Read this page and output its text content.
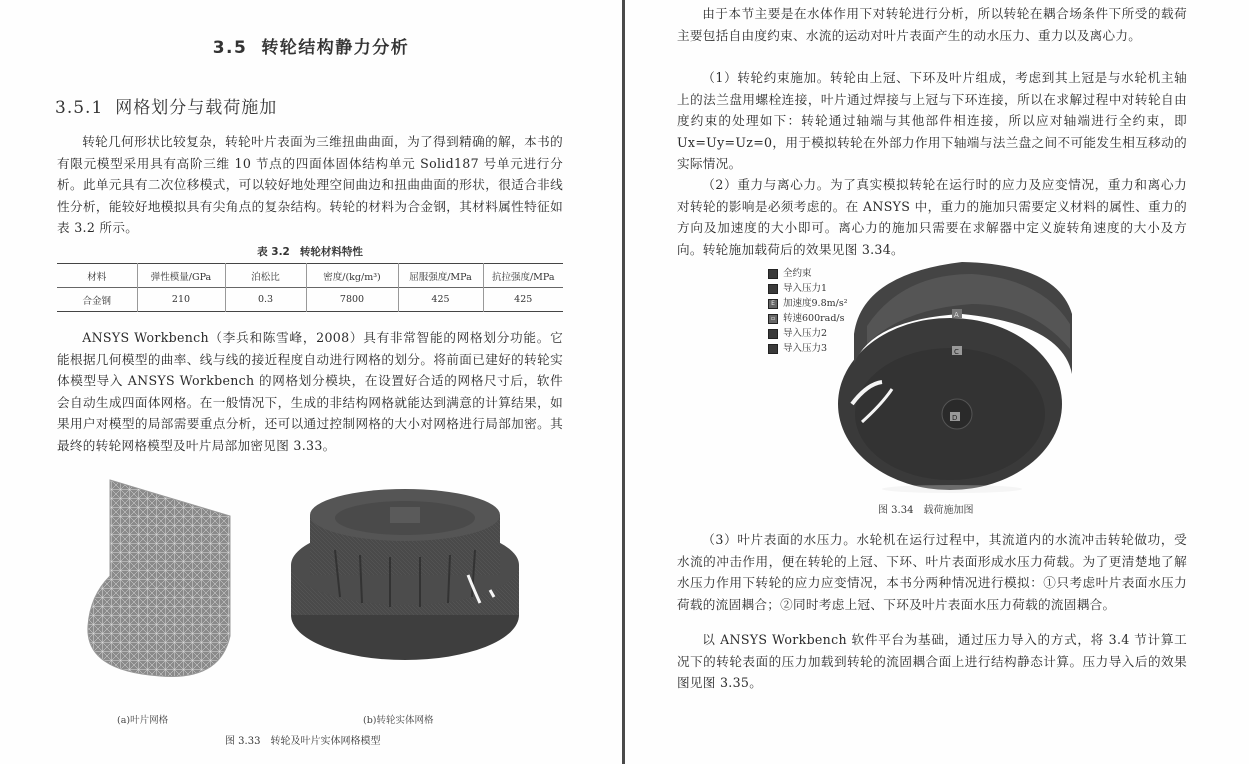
3.5 转轮结构静力分析
3.5.1 网格划分与载荷施加
转轮几何形状比较复杂，转轮叶片表面为三维扭曲曲面，为了得到精确的解，本书的有限元模型采用具有高阶三维 10 节点的四面体固体结构单元 Solid187 号单元进行分析。此单元具有二次位移模式，可以较好地处理空间曲边和扭曲曲面的形状，很适合非线性分析，能较好地模拟具有尖角点的复杂结构。转轮的材料为合金钢，其材料属性特征如表 3.2 所示。
表 3.2 转轮材料特性
材料	弹性模量/GPa	泊松比	密度/(kg/m³)	屈服强度/MPa	抗拉强度/MPa
合金钢	210	0.3	7800	425	425
ANSYS Workbench（李兵和陈雪峰，2008）具有非常智能的网格划分功能。它能根据几何模型的曲率、线与线的接近程度自动进行网格的划分。将前面已建好的转轮实体模型导入 ANSYS Workbench 的网格划分模块，在设置好合适的网格尺寸后，软件会自动生成四面体网格。在一般情况下，生成的非结构网格就能达到满意的计算结果，如果用户对模型的局部需要重点分析，还可以通过控制网格的大小对网格进行局部加密。其最终的转轮网格模型及叶片局部加密见图 3.33。
(a)叶片网格	(b)转轮实体网格
图 3.33 转轮及叶片实体网格模型
由于本节主要是在水体作用下对转轮进行分析，所以转轮在耦合场条件下所受的载荷主要包括自由度约束、水流的运动对叶片表面产生的动水压力、重力以及离心力。
（1）转轮约束施加。转轮由上冠、下环及叶片组成，考虑到其上冠是与水轮机主轴上的法兰盘用螺栓连接，叶片通过焊接与上冠与下环连接，所以在求解过程中对转轮自由度约束的处理如下：转轮通过轴端与其他部件相连接，所以应对轴端进行全约束，即 Ux=Uy=Uz=0，用于模拟转轮在外部力作用下轴端与法兰盘之间不可能发生相互移动的实际情况。
（2）重力与离心力。为了真实模拟转轮在运行时的应力及应变情况，重力和离心力对转轮的影响是必须考虑的。在 ANSYS 中，重力的施加只需要定义材料的属性、重力的方向及加速度的大小即可。离心力的施加只需要在求解器中定义旋转角速度的大小及方向。转轮施加载荷后的效果见图 3.34。
A
C
D
全约束
导入压力1
E 加速度9.8m/s²
▫ 转速600rad/s
导入压力2
导入压力3
图 3.34 载荷施加图
（3）叶片表面的水压力。水轮机在运行过程中，其流道内的水流冲击转轮做功，受水流的冲击作用，便在转轮的上冠、下环、叶片表面形成水压力荷载。为了更清楚地了解水压力作用下转轮的应力应变情况，本书分两种情况进行模拟：①只考虑叶片表面水压力荷载的流固耦合；②同时考虑上冠、下环及叶片表面水压力荷载的流固耦合。
以 ANSYS Workbench 软件平台为基础，通过压力导入的方式，将 3.4 节计算工况下的转轮表面的压力加载到转轮的流固耦合面上进行结构静态计算。压力导入后的效果图见图 3.35。
